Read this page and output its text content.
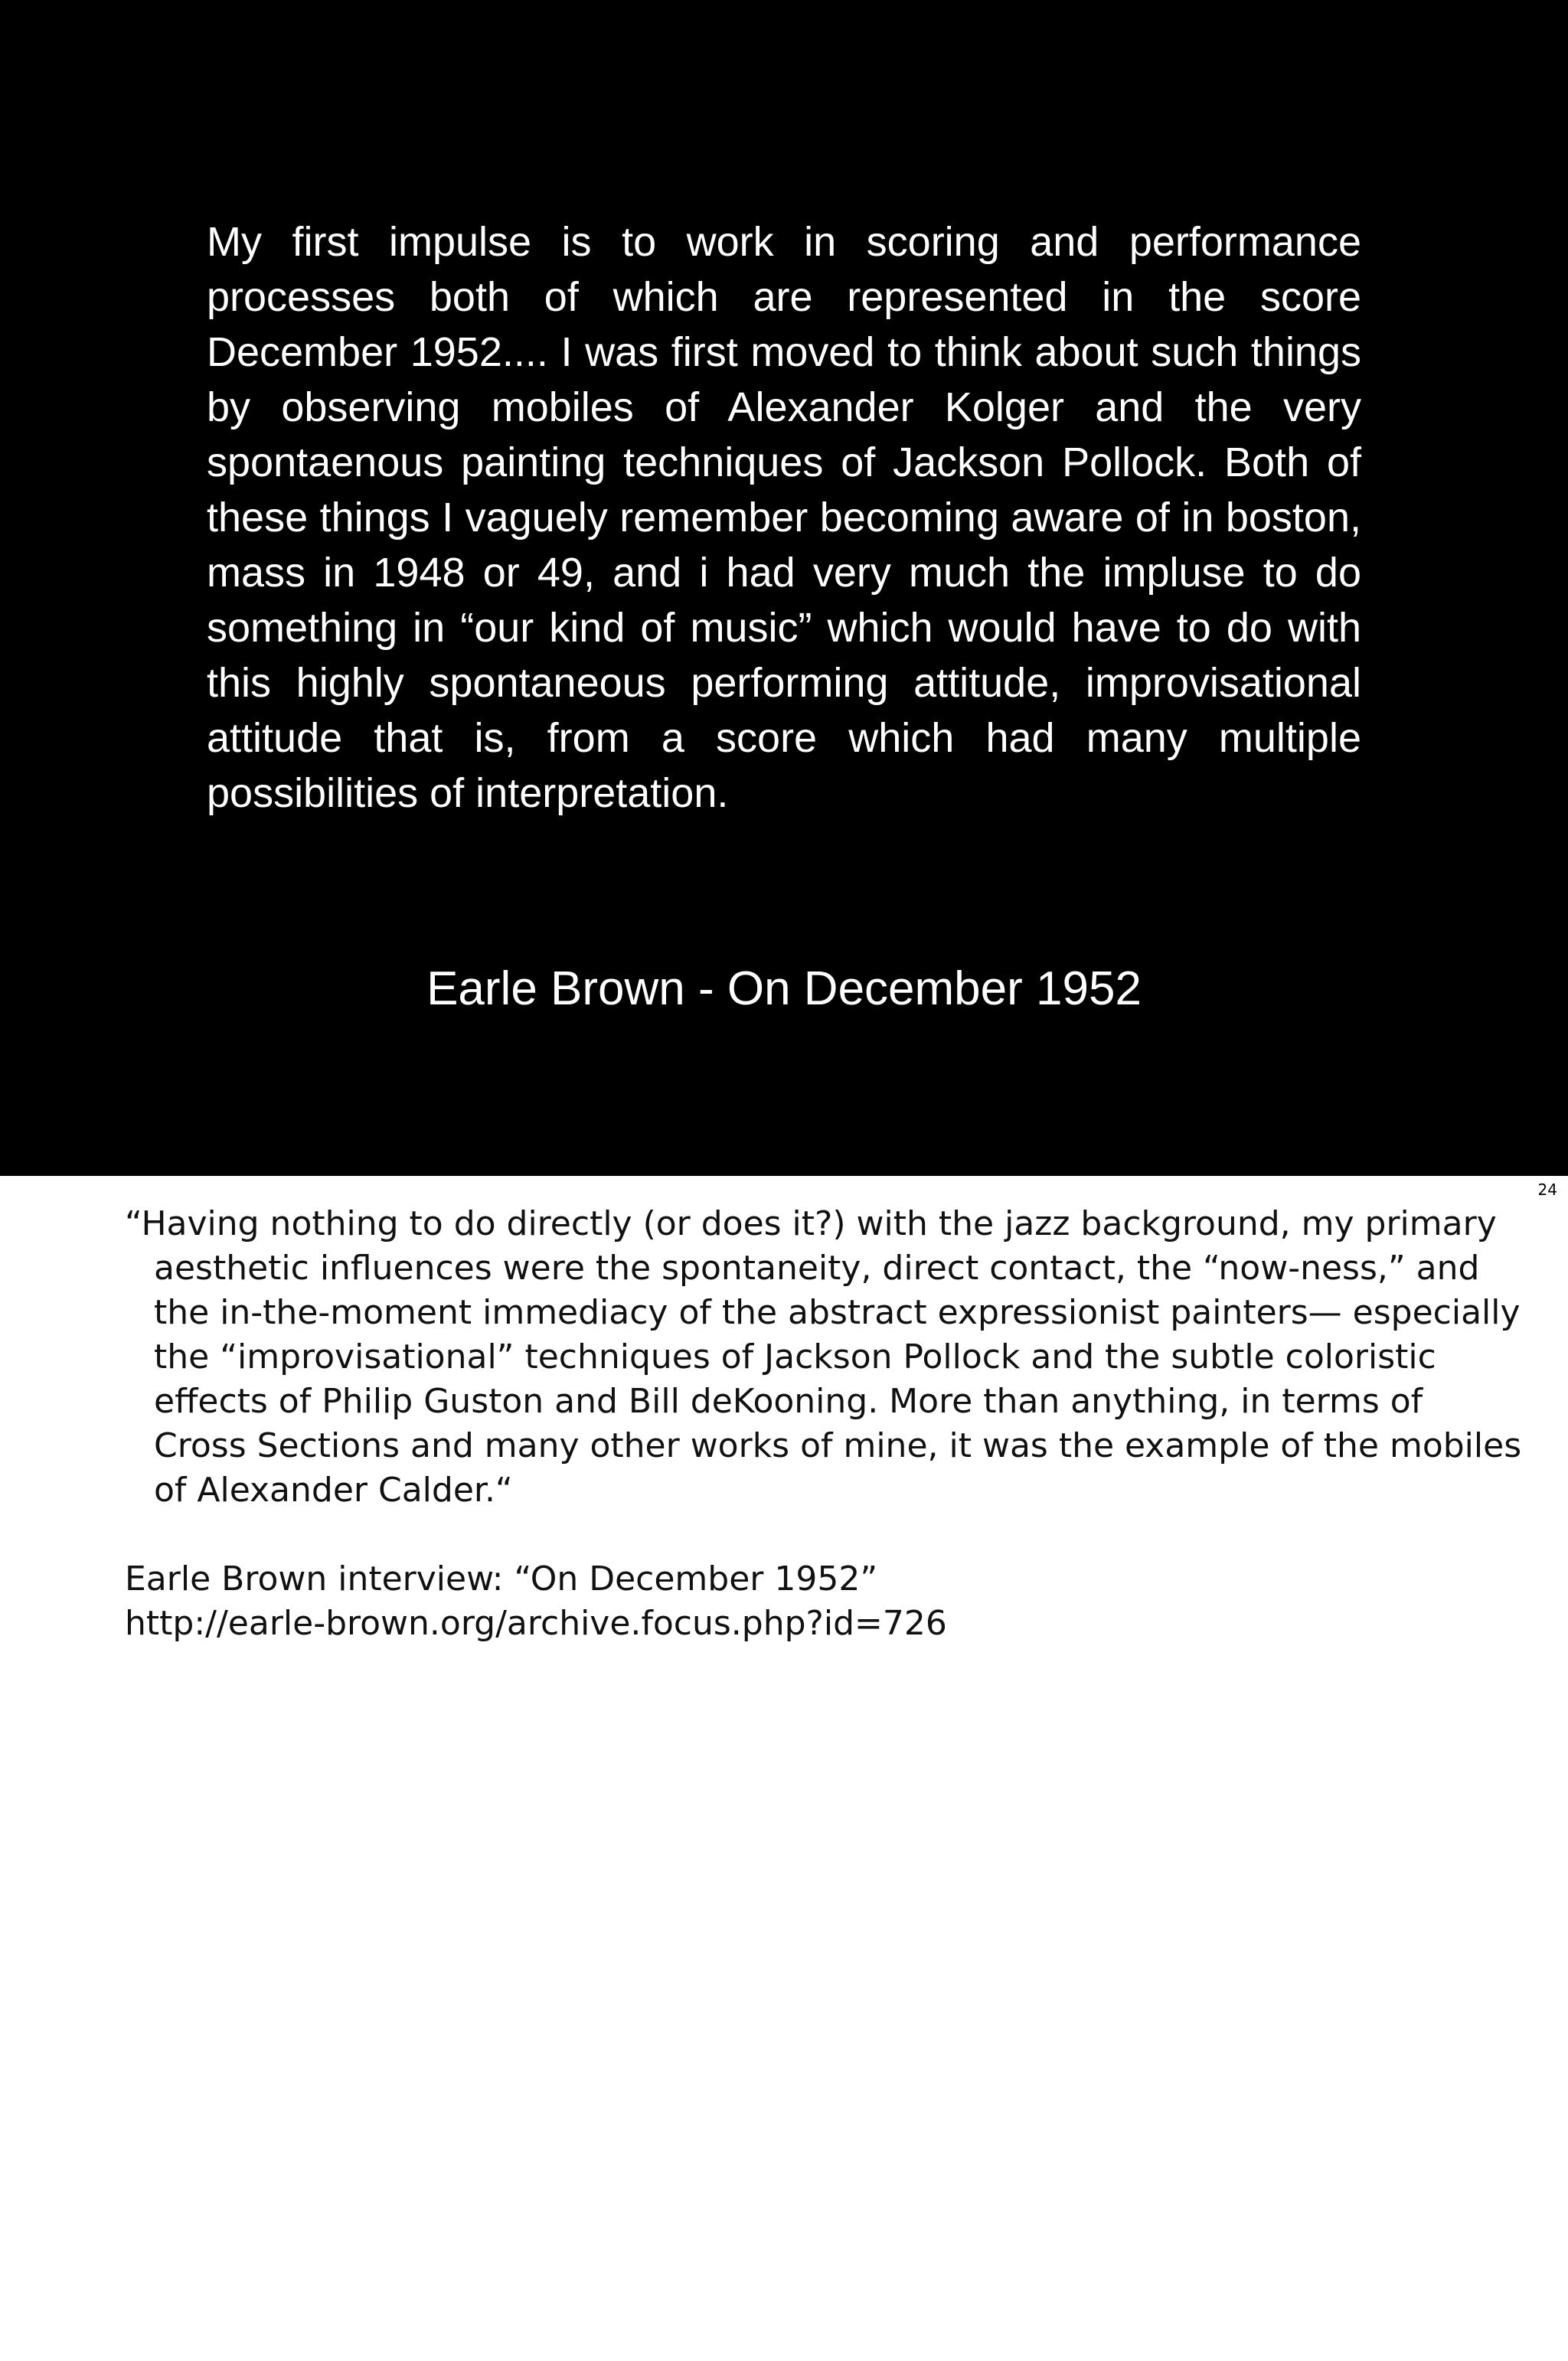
My first impulse is to work in scoring and performance processes both of which are represented in the score December 1952.... I was first moved to think about such things by observing mobiles of Alexander Kolger and the very spontaenous painting techniques of Jackson Pollock. Both of these things I vaguely remember becoming aware of in boston, mass in 1948 or 49, and i had very much the impluse to do something in “our kind of music” which would have to do with this highly spontaneous performing attitude, improvisational attitude that is, from a score which had many multiple possibilities of interpretation.

Earle Brown - On December 1952

24

“Having nothing to do directly (or does it?) with the jazz background, my primary aesthetic influences were the spontaneity, direct contact, the “now-ness,” and the in-the-moment immediacy of the abstract expressionist painters— especially the “improvisational” techniques of Jackson Pollock and the subtle coloristic effects of Philip Guston and Bill deKooning. More than anything, in terms of Cross Sections and many other works of mine, it was the example of the mobiles of Alexander Calder.“

Earle Brown interview: “On December 1952”
http://earle-brown.org/archive.focus.php?id=726
